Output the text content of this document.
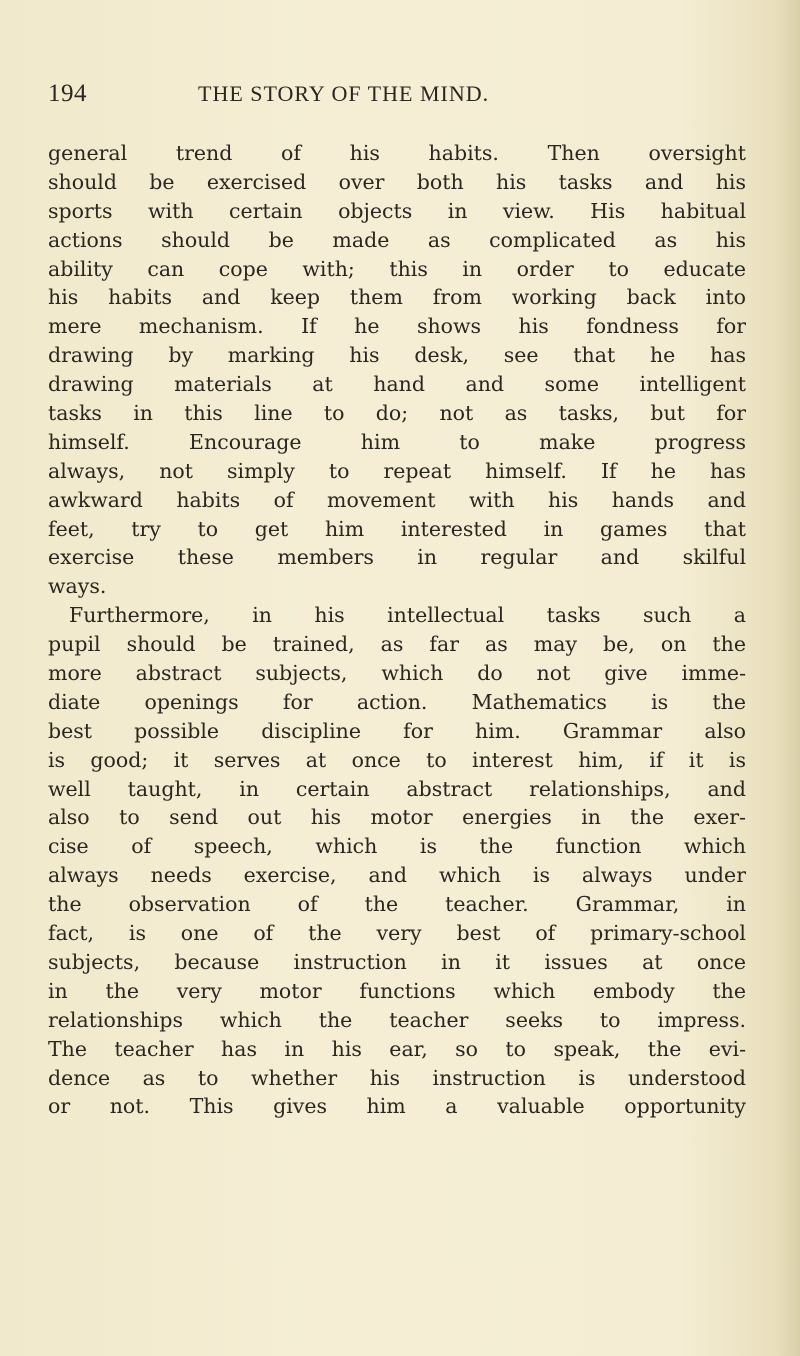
194	THE STORY OF THE MIND.
general trend of his habits. Then oversight
should be exercised over both his tasks and his
sports with certain objects in view. His habitual
actions should be made as complicated as his
ability can cope with; this in order to educate
his habits and keep them from working back into
mere mechanism. If he shows his fondness for
drawing by marking his desk, see that he has
drawing materials at hand and some intelligent
tasks in this line to do; not as tasks, but for
himself. Encourage him to make progress
always, not simply to repeat himself. If he has
awkward habits of movement with his hands and
feet, try to get him interested in games that
exercise these members in regular and skilful
ways.
Furthermore, in his intellectual tasks such a
pupil should be trained, as far as may be, on the
more abstract subjects, which do not give imme-
diate openings for action. Mathematics is the
best possible discipline for him. Grammar also
is good; it serves at once to interest him, if it is
well taught, in certain abstract relationships, and
also to send out his motor energies in the exer-
cise of speech, which is the function which
always needs exercise, and which is always under
the observation of the teacher. Grammar, in
fact, is one of the very best of primary-school
subjects, because instruction in it issues at once
in the very motor functions which embody the
relationships which the teacher seeks to impress.
The teacher has in his ear, so to speak, the evi-
dence as to whether his instruction is understood
or not. This gives him a valuable opportunity
